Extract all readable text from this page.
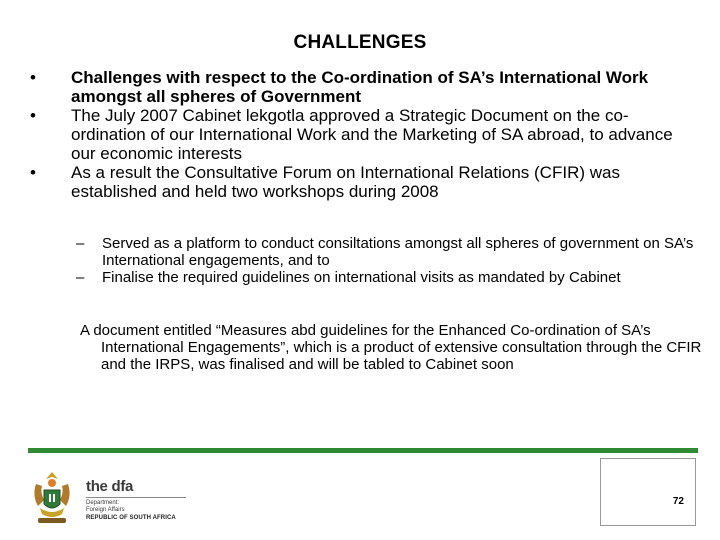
CHALLENGES
• Challenges with respect to the Co-ordination of SA’s International Work amongst all spheres of Government
• The July 2007 Cabinet lekgotla approved a Strategic Document on the co-ordination of our International Work and the Marketing of SA abroad, to advance our economic interests
• As a result the Consultative Forum on International Relations (CFIR) was established and held two workshops during 2008
– Served as a platform to conduct consiltations amongst all spheres of government on SA’s International engagements, and to
– Finalise the required guidelines on international visits as mandated by Cabinet

A document entitled “Measures abd guidelines for the Enhanced Co-ordination of SA’s International Engagements”, which is a product of extensive consultation through the CFIR and the IRPS, was finalised and will be tabled to Cabinet soon

the dfa
Department:
Foreign Affairs
REPUBLIC OF SOUTH AFRICA
72
